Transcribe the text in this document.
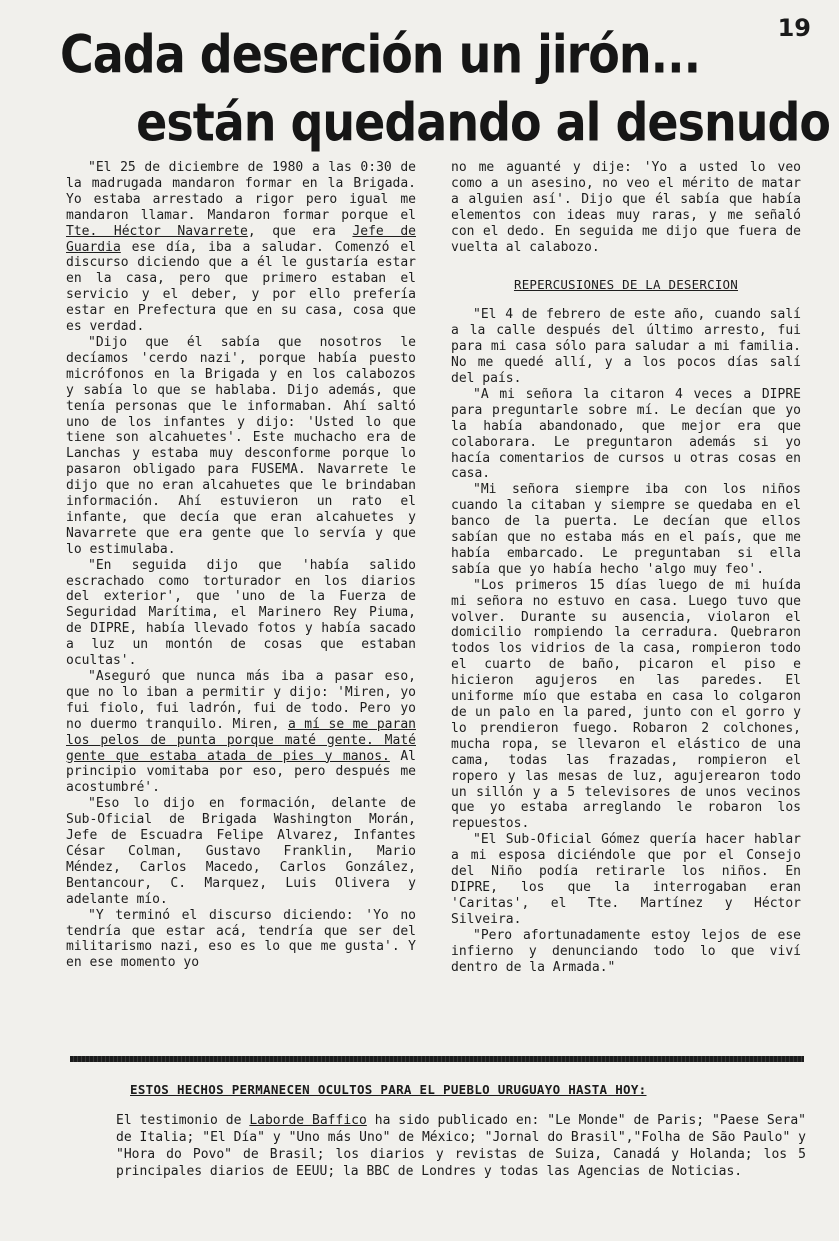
19
Cada deserción un jirón...
están quedando al desnudo

"El 25 de diciembre de 1980 a las 0:30 de la madrugada mandaron formar en la Brigada. Yo estaba arrestado a rigor pero igual me mandaron llamar. Mandaron formar porque el Tte. Héctor Navarrete, que era Jefe de Guardia ese día, iba a saludar. Comenzó el discurso diciendo que a él le gustaría estar en la casa, pero que primero estaban el servicio y el deber, y por ello prefería estar en Prefectura que en su casa, cosa que es verdad.

"Dijo que él sabía que nosotros le decíamos 'cerdo nazi', porque había puesto micrófonos en la Brigada y en los calabozos y sabía lo que se hablaba. Dijo además, que tenía personas que le informaban. Ahí saltó uno de los infantes y dijo: 'Usted lo que tiene son alcahuetes'. Este muchacho era de Lanchas y estaba muy desconforme porque lo pasaron obligado para FUSEMA. Navarrete le dijo que no eran alcahuetes que le brindaban información. Ahí estuvieron un rato el infante, que decía que eran alcahuetes y Navarrete que era gente que lo servía y que lo estimulaba.

"En seguida dijo que 'había salido escrachado como torturador en los diarios del exterior', que 'uno de la Fuerza de Seguridad Marítima, el Marinero Rey Piuma, de DIPRE, había llevado fotos y había sacado a luz un montón de cosas que estaban ocultas'.

"Aseguró que nunca más iba a pasar eso, que no lo iban a permitir y dijo: 'Miren, yo fui fiolo, fui ladrón, fui de todo. Pero yo no duermo tranquilo. Miren, a mí se me paran los pelos de punta porque maté gente. Maté gente que estaba atada de pies y manos. Al principio vomitaba por eso, pero después me acostumbré'.

"Eso lo dijo en formación, delante de Sub-Oficial de Brigada Washington Morán, Jefe de Escuadra Felipe Alvarez, Infantes César Colman, Gustavo Franklin, Mario Méndez, Carlos Macedo, Carlos González, Bentancour, C. Marquez, Luis Olivera y adelante mío.

"Y terminó el discurso diciendo: 'Yo no tendría que estar acá, tendría que ser del militarismo nazi, eso es lo que me gusta'. Y en ese momento yo

no me aguanté y dije: 'Yo a usted lo veo como a un asesino, no veo el mérito de matar a alguien así'. Dijo que él sabía que había elementos con ideas muy raras, y me señaló con el dedo. En seguida me dijo que fuera de vuelta al calabozo.

REPERCUSIONES DE LA DESERCION

"El 4 de febrero de este año, cuando salí a la calle después del último arresto, fui para mi casa sólo para saludar a mi familia. No me quedé allí, y a los pocos días salí del país.

"A mi señora la citaron 4 veces a DIPRE para preguntarle sobre mí. Le decían que yo la había abandonado, que mejor era que colaborara. Le preguntaron además si yo hacía comentarios de cursos u otras cosas en casa.

"Mi señora siempre iba con los niños cuando la citaban y siempre se quedaba en el banco de la puerta. Le decían que ellos sabían que no estaba más en el país, que me había embarcado. Le preguntaban si ella sabía que yo había hecho 'algo muy feo'.

"Los primeros 15 días luego de mi huída mi señora no estuvo en casa. Luego tuvo que volver. Durante su ausencia, violaron el domicilio rompiendo la cerradura. Quebraron todos los vidrios de la casa, rompieron todo el cuarto de baño, picaron el piso e hicieron agujeros en las paredes. El uniforme mío que estaba en casa lo colgaron de un palo en la pared, junto con el gorro y lo prendieron fuego. Robaron 2 colchones, mucha ropa, se llevaron el elástico de una cama, todas las frazadas, rompieron el ropero y las mesas de luz, agujerearon todo un sillón y a 5 televisores de unos vecinos que yo estaba arreglando le robaron los repuestos.

"El Sub-Oficial Gómez quería hacer hablar a mi esposa diciéndole que por el Consejo del Niño podía retirarle los niños. En DIPRE, los que la interrogaban eran 'Caritas', el Tte. Martínez y Héctor Silveira.

"Pero afortunadamente estoy lejos de ese infierno y denunciando todo lo que viví dentro de la Armada."

ESTOS HECHOS PERMANECEN OCULTOS PARA EL PUEBLO URUGUAYO HASTA HOY:
El testimonio de Laborde Baffico ha sido publicado en: "Le Monde" de Paris; "Paese Sera" de Italia; "El Día" y "Uno más Uno" de México; "Jornal do Brasil","Folha de São Paulo" y "Hora do Povo" de Brasil; los diarios y revistas de Suiza, Canadá y Holanda; los 5 principales diarios de EEUU; la BBC de Londres y todas las Agencias de Noticias.
